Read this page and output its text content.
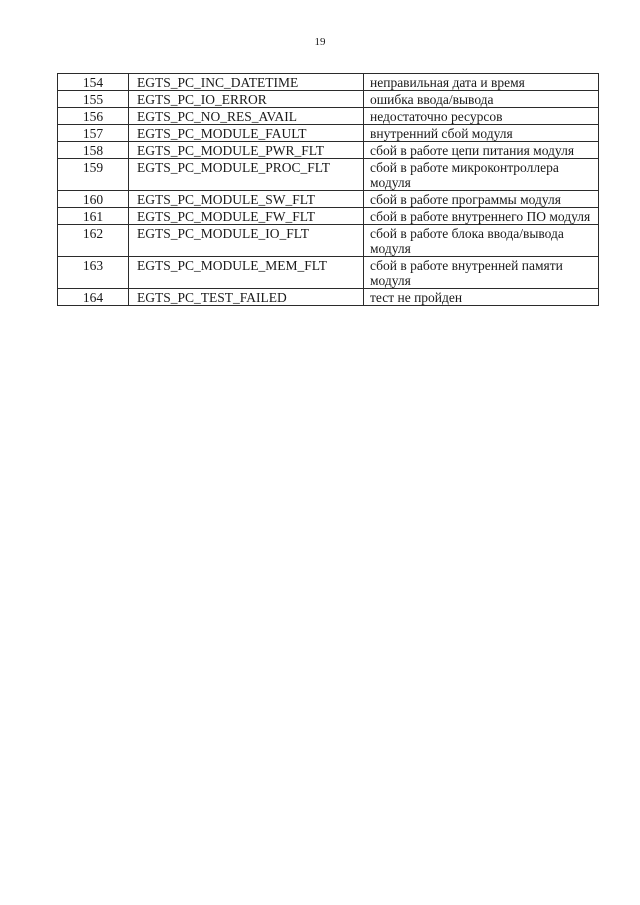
19
154	EGTS_PC_INC_DATETIME	неправильная дата и время
155	EGTS_PC_IO_ERROR	ошибка ввода/вывода
156	EGTS_PC_NO_RES_AVAIL	недостаточно ресурсов
157	EGTS_PC_MODULE_FAULT	внутренний сбой модуля
158	EGTS_PC_MODULE_PWR_FLT	сбой в работе цепи питания модуля
159	EGTS_PC_MODULE_PROC_FLT	сбой в работе микроконтроллера модуля
160	EGTS_PC_MODULE_SW_FLT	сбой в работе программы модуля
161	EGTS_PC_MODULE_FW_FLT	сбой в работе внутреннего ПО модуля
162	EGTS_PC_MODULE_IO_FLT	сбой в работе блока ввода/вывода модуля
163	EGTS_PC_MODULE_MEM_FLT	сбой в работе внутренней памяти модуля
164	EGTS_PC_TEST_FAILED	тест не пройден
